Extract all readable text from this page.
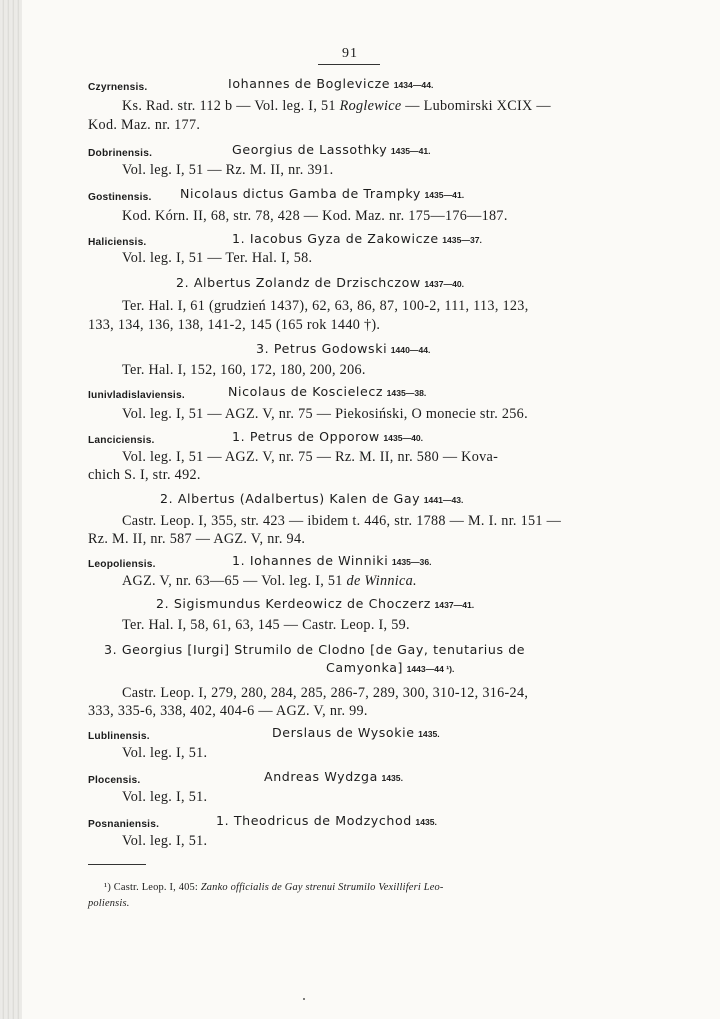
91
Czyrnensis.	Iohannes de Boglevicze 1434—44.
Ks. Rad. str. 112 b — Vol. leg. I, 51 Roglewice — Lubomirski XCIX —
Kod. Maz. nr. 177.
Dobrinensis.	Georgius de Lassothky 1435—41.
Vol. leg. I, 51 — Rz. M. II, nr. 391.
Gostinensis. Nicolaus dictus Gamba de Trampky 1435—41.
Kod. Kórn. II, 68, str. 78, 428 — Kod. Maz. nr. 175—176—187.
Haliciensis.	1. Iacobus Gyza de Zakowicze 1435—37.
Vol. leg. I, 51 — Ter. Hal. I, 58.
2. Albertus Zolandz de Drzischczow 1437—40.
Ter. Hal. I, 61 (grudzień 1437), 62, 63, 86, 87, 100-2, 111, 113, 123,
133, 134, 136, 138, 141-2, 145 (165 rok 1440 †).
3. Petrus Godowski 1440—44.
Ter. Hal. I, 152, 160, 172, 180, 200, 206.
Iunivladislaviensis.	Nicolaus de Koscielecz 1435—38.
Vol. leg. I, 51 — AGZ. V, nr. 75 — Piekosiński, O monecie str. 256.
Lanciciensis.	1. Petrus de Opporow 1435—40.
Vol. leg. I, 51 — AGZ. V, nr. 75 — Rz. M. II, nr. 580 — Kova-
chich S. I, str. 492.
2. Albertus (Adalbertus) Kalen de Gay 1441—43.
Castr. Leop. I, 355, str. 423 — ibidem t. 446, str. 1788 — M. I. nr. 151 —
Rz. M. II, nr. 587 — AGZ. V, nr. 94.
Leopoliensis.	1. Iohannes de Winniki 1435—36.
AGZ. V, nr. 63—65 — Vol. leg. I, 51 de Winnica.
2. Sigismundus Kerdeowicz de Choczerz 1437—41.
Ter. Hal. I, 58, 61, 63, 145 — Castr. Leop. I, 59.
3. Georgius [Iurgi] Strumilo de Clodno [de Gay, tenutarius de
Camyonka] 1443—44 ¹).
Castr. Leop. I, 279, 280, 284, 285, 286-7, 289, 300, 310-12, 316-24,
333, 335-6, 338, 402, 404-6 — AGZ. V, nr. 99.
Lublinensis.	Derslaus de Wysokie 1435.
Vol. leg. I, 51.
Plocensis.	Andreas Wydzga 1435.
Vol. leg. I, 51.
Posnaniensis.	1. Theodricus de Modzychod 1435.
Vol. leg. I, 51.
¹) Castr. Leop. I, 405: Zanko officialis de Gay strenui Strumilo Vexilliferi Leo-
poliensis.
